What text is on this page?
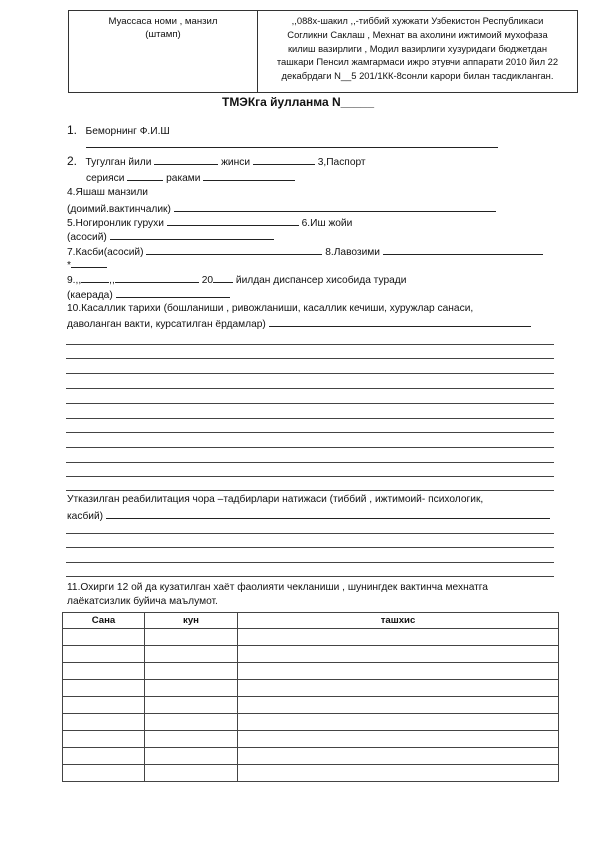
Муассаса номи , манзил
(штамп)
,,088х-шакил ,,-тиббий хужжати Узбекистон Республикаси
Согликни Саклаш , Мехнат ва ахолини ижтимоий мухофаза
килиш вазирлиги , Модил вазирлиги хузуридаги бюджетдан
ташкари Пенсил жамгармаси ижро этувчи аппарати 2010 йил 22
декабрдаги N__5 201/1КК-8сонли карори билан тасдикланган.
ТМЭКга йулланма N_____
1. Беморнинг Ф.И.Ш
2. Тугулган йили	жинси	3,Паспорт
серияси	раками
4.Яшаш манзили
(доимий.вактинчалик)
5.Ногиронлик гурухи	6.Иш жойи
(асосий)
7.Касби(асосий)	8.Лавозими
*
9.,,	,,	20 йилдан диспансер хисобида туради
(каерада)
10.Касаллик тарихи (бошланиши , ривожланиши, касаллик кечиши, хуружлар санаси,
даволанган вакти, курсатилган ёрдамлар)
Утказилган реабилитация чора –тадбирлари натижаси (тиббий , ижтимоий- психологик,
касбий)
11.Охирги 12 ой да кузатилган хаёт фаолияти чекланиши , шунингдек вактинча мехнатга
лаёкатсизлик буйича маълумот.
Сана	кун	ташхис
